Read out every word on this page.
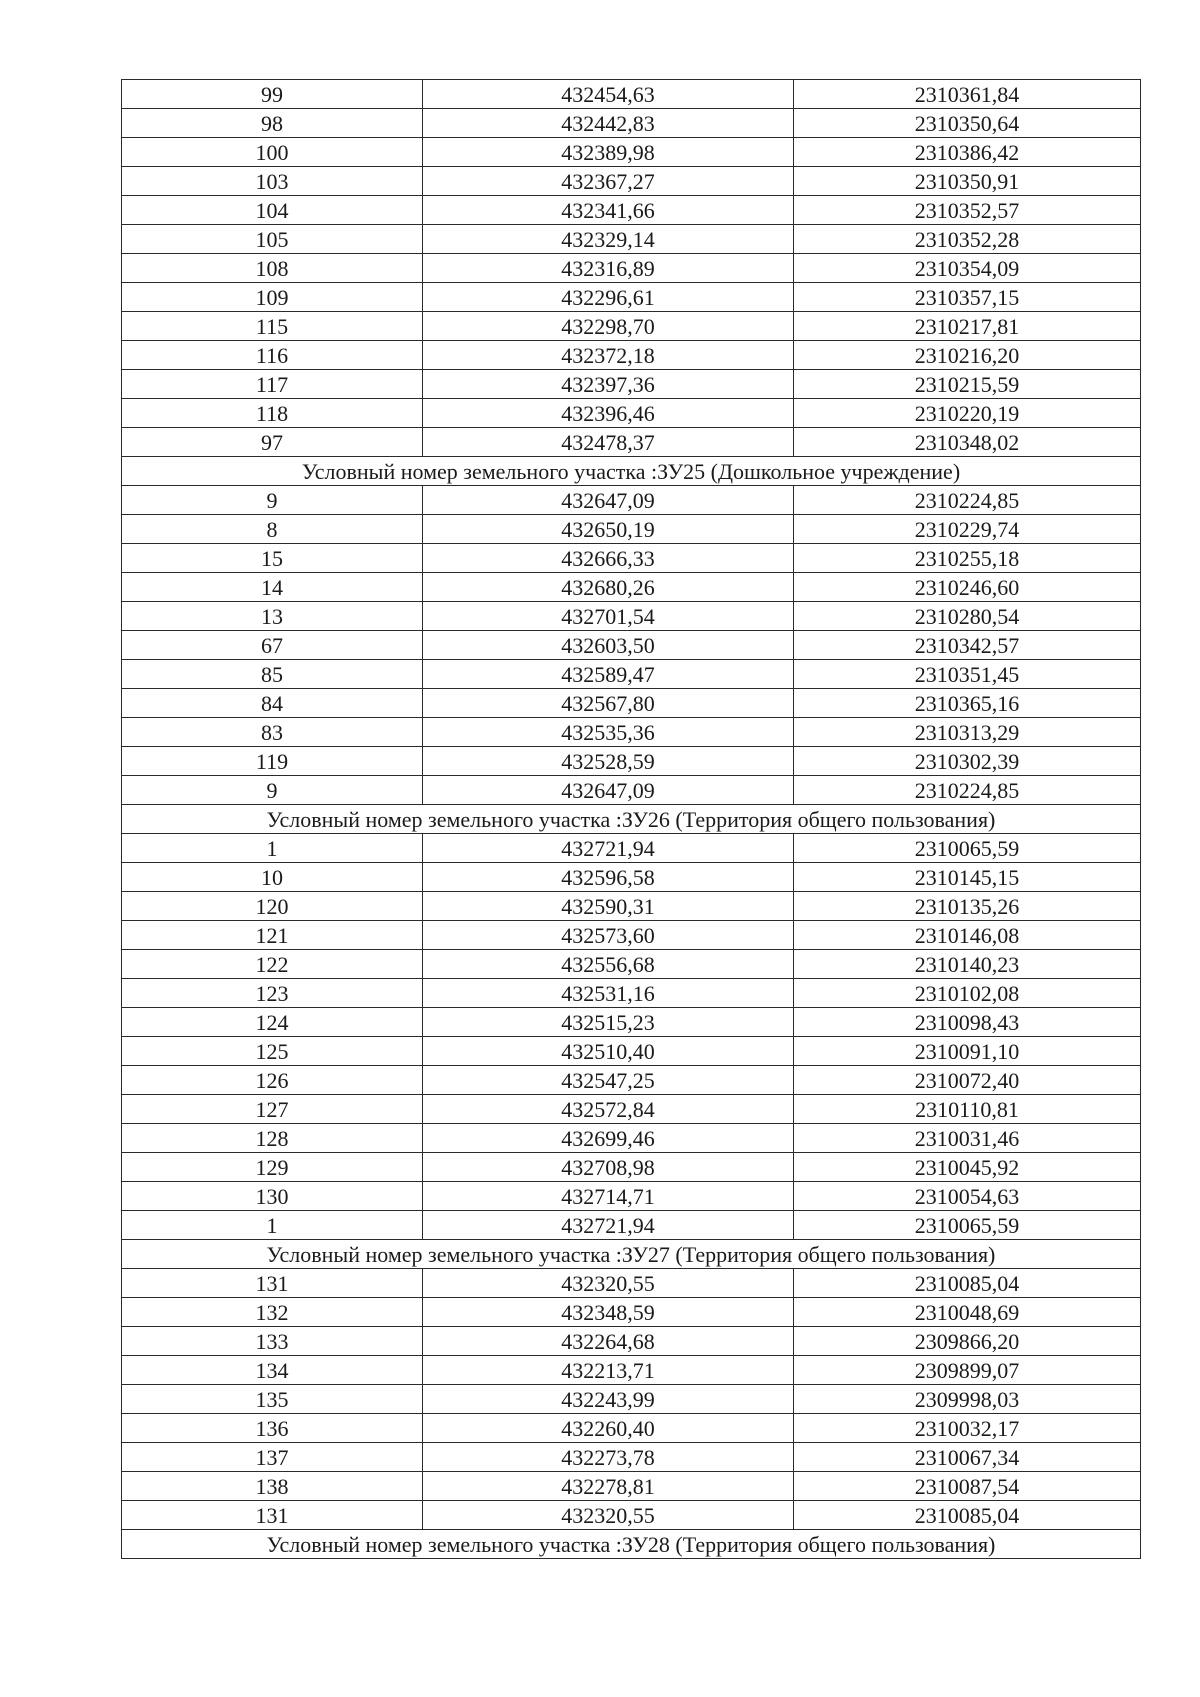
99	432454,63	2310361,84
98	432442,83	2310350,64
100	432389,98	2310386,42
103	432367,27	2310350,91
104	432341,66	2310352,57
105	432329,14	2310352,28
108	432316,89	2310354,09
109	432296,61	2310357,15
115	432298,70	2310217,81
116	432372,18	2310216,20
117	432397,36	2310215,59
118	432396,46	2310220,19
97	432478,37	2310348,02
Условный номер земельного участка :ЗУ25 (Дошкольное учреждение)		
9	432647,09	2310224,85
8	432650,19	2310229,74
15	432666,33	2310255,18
14	432680,26	2310246,60
13	432701,54	2310280,54
67	432603,50	2310342,57
85	432589,47	2310351,45
84	432567,80	2310365,16
83	432535,36	2310313,29
119	432528,59	2310302,39
9	432647,09	2310224,85
Условный номер земельного участка :ЗУ26 (Территория общего пользования)		
1	432721,94	2310065,59
10	432596,58	2310145,15
120	432590,31	2310135,26
121	432573,60	2310146,08
122	432556,68	2310140,23
123	432531,16	2310102,08
124	432515,23	2310098,43
125	432510,40	2310091,10
126	432547,25	2310072,40
127	432572,84	2310110,81
128	432699,46	2310031,46
129	432708,98	2310045,92
130	432714,71	2310054,63
1	432721,94	2310065,59
Условный номер земельного участка :ЗУ27 (Территория общего пользования)		
131	432320,55	2310085,04
132	432348,59	2310048,69
133	432264,68	2309866,20
134	432213,71	2309899,07
135	432243,99	2309998,03
136	432260,40	2310032,17
137	432273,78	2310067,34
138	432278,81	2310087,54
131	432320,55	2310085,04
Условный номер земельного участка :ЗУ28 (Территория общего пользования)		
